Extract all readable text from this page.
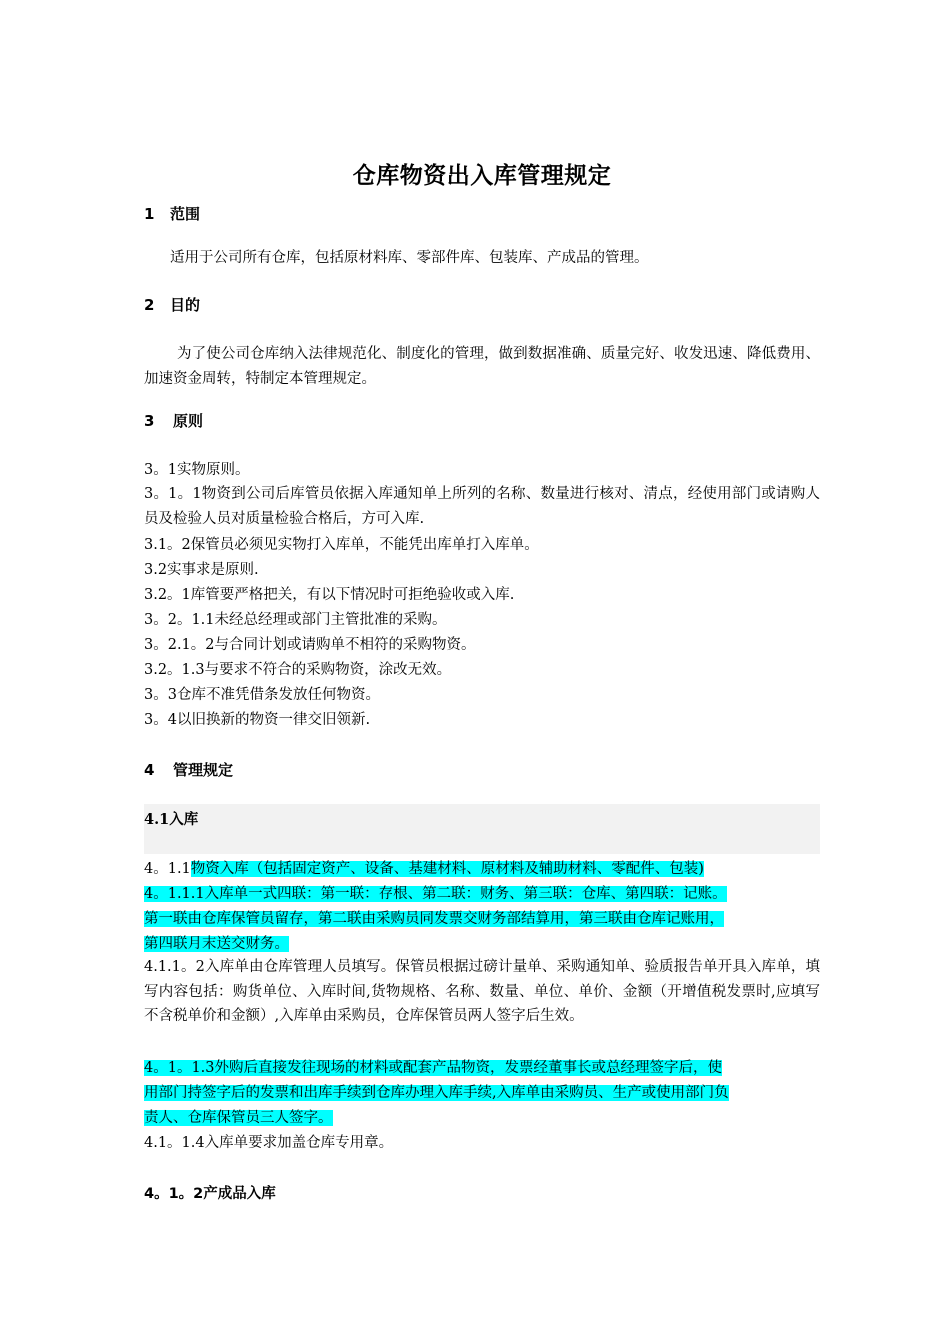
仓库物资出入库管理规定
1 范围
适用于公司所有仓库，包括原材料库、零部件库、包装库、产成品的管理。
2 目的
为了使公司仓库纳入法律规范化、制度化的管理，做到数据准确、质量完好、收发迅速、降低费用、加速资金周转，特制定本管理规定。
3 原则
3。1实物原则。
3。1。1物资到公司后库管员依据入库通知单上所列的名称、数量进行核对、清点，经使用部门或请购人员及检验人员对质量检验合格后，方可入库.
3.1。2保管员必须见实物打入库单，不能凭出库单打入库单。
3.2实事求是原则.
3.2。1库管要严格把关，有以下情况时可拒绝验收或入库.
3。2。1.1未经总经理或部门主管批准的采购。
3。2.1。2与合同计划或请购单不相符的采购物资。
3.2。1.3与要求不符合的采购物资，涂改无效。
3。3仓库不准凭借条发放任何物资。
3。4以旧换新的物资一律交旧领新.
4 管理规定
4.1入库
4。1.1物资入库（包括固定资产、设备、基建材料、原材料及辅助材料、零配件、包装)
4。1.1.1入库单一式四联：第一联：存根、第二联：财务、第三联：仓库、第四联：记账。
第一联由仓库保管员留存，第二联由采购员同发票交财务部结算用，第三联由仓库记账用，
第四联月末送交财务。
4.1.1。2入库单由仓库管理人员填写。保管员根据过磅计量单、采购通知单、验质报告单开具入库单，填写内容包括：购货单位、入库时间,货物规格、名称、数量、单位、单价、金额（开增值税发票时,应填写不含税单价和金额）,入库单由采购员，仓库保管员两人签字后生效。
4。1。1.3外购后直接发往现场的材料或配套产品物资，发票经董事长或总经理签字后，使
用部门持签字后的发票和出库手续到仓库办理入库手续,入库单由采购员、生产或使用部门负
责人、仓库保管员三人签字。
4.1。1.4入库单要求加盖仓库专用章。
4。1。2产成品入库
